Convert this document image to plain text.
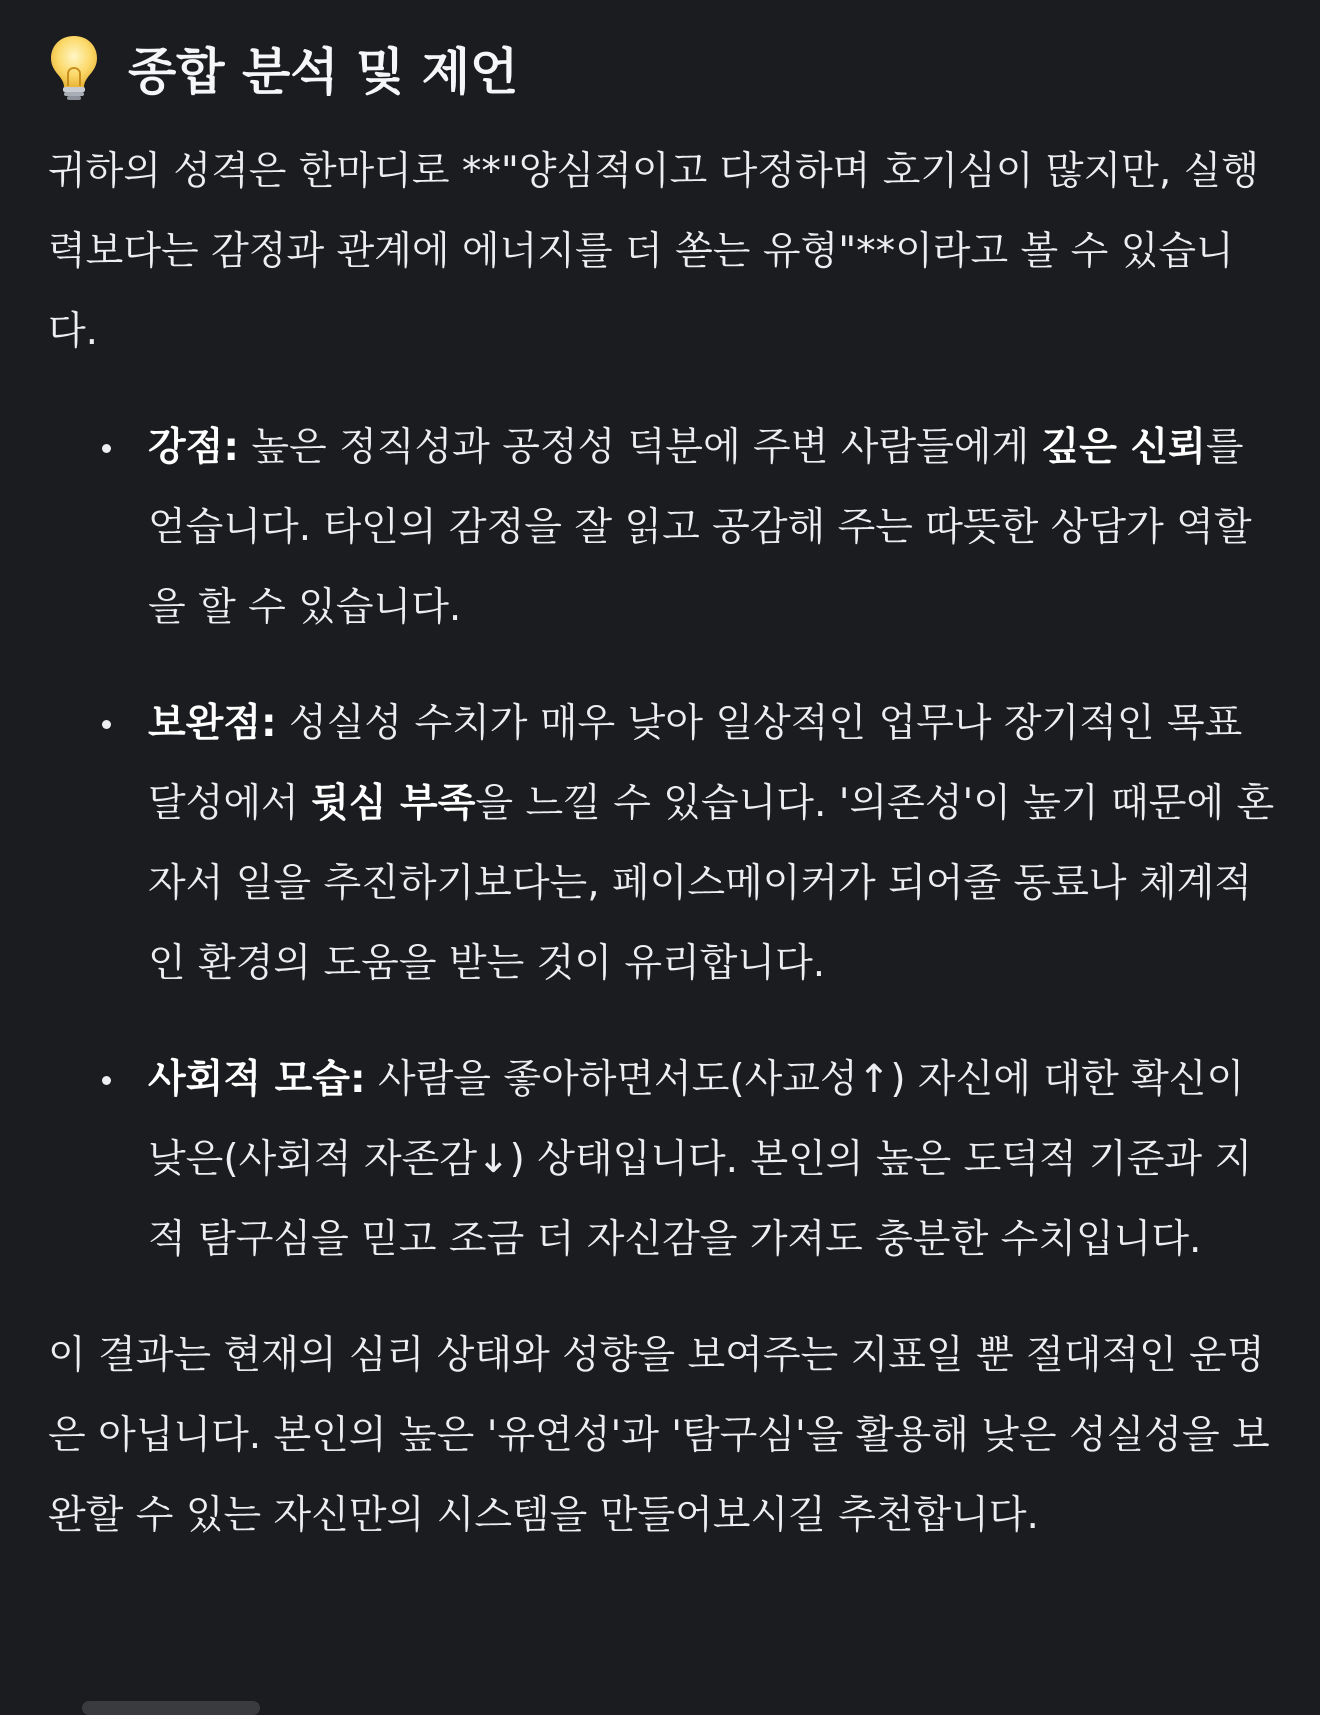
종합 분석 및 제언

귀하의 성격은 한마디로 **"양심적이고 다정하며 호기심이 많지만, 실행력보다는 감정과 관계에 에너지를 더 쏟는 유형"**이라고 볼 수 있습니다.

강점: 높은 정직성과 공정성 덕분에 주변 사람들에게 깊은 신뢰를 얻습니다. 타인의 감정을 잘 읽고 공감해 주는 따뜻한 상담가 역할을 할 수 있습니다.
보완점: 성실성 수치가 매우 낮아 일상적인 업무나 장기적인 목표 달성에서 뒷심 부족을 느낄 수 있습니다. '의존성'이 높기 때문에 혼자서 일을 추진하기보다는, 페이스메이커가 되어줄 동료나 체계적인 환경의 도움을 받는 것이 유리합니다.
사회적 모습: 사람을 좋아하면서도(사교성↑) 자신에 대한 확신이 낮은(사회적 자존감↓) 상태입니다. 본인의 높은 도덕적 기준과 지적 탐구심을 믿고 조금 더 자신감을 가져도 충분한 수치입니다.

이 결과는 현재의 심리 상태와 성향을 보여주는 지표일 뿐 절대적인 운명은 아닙니다. 본인의 높은 '유연성'과 '탐구심'을 활용해 낮은 성실성을 보완할 수 있는 자신만의 시스템을 만들어보시길 추천합니다.
